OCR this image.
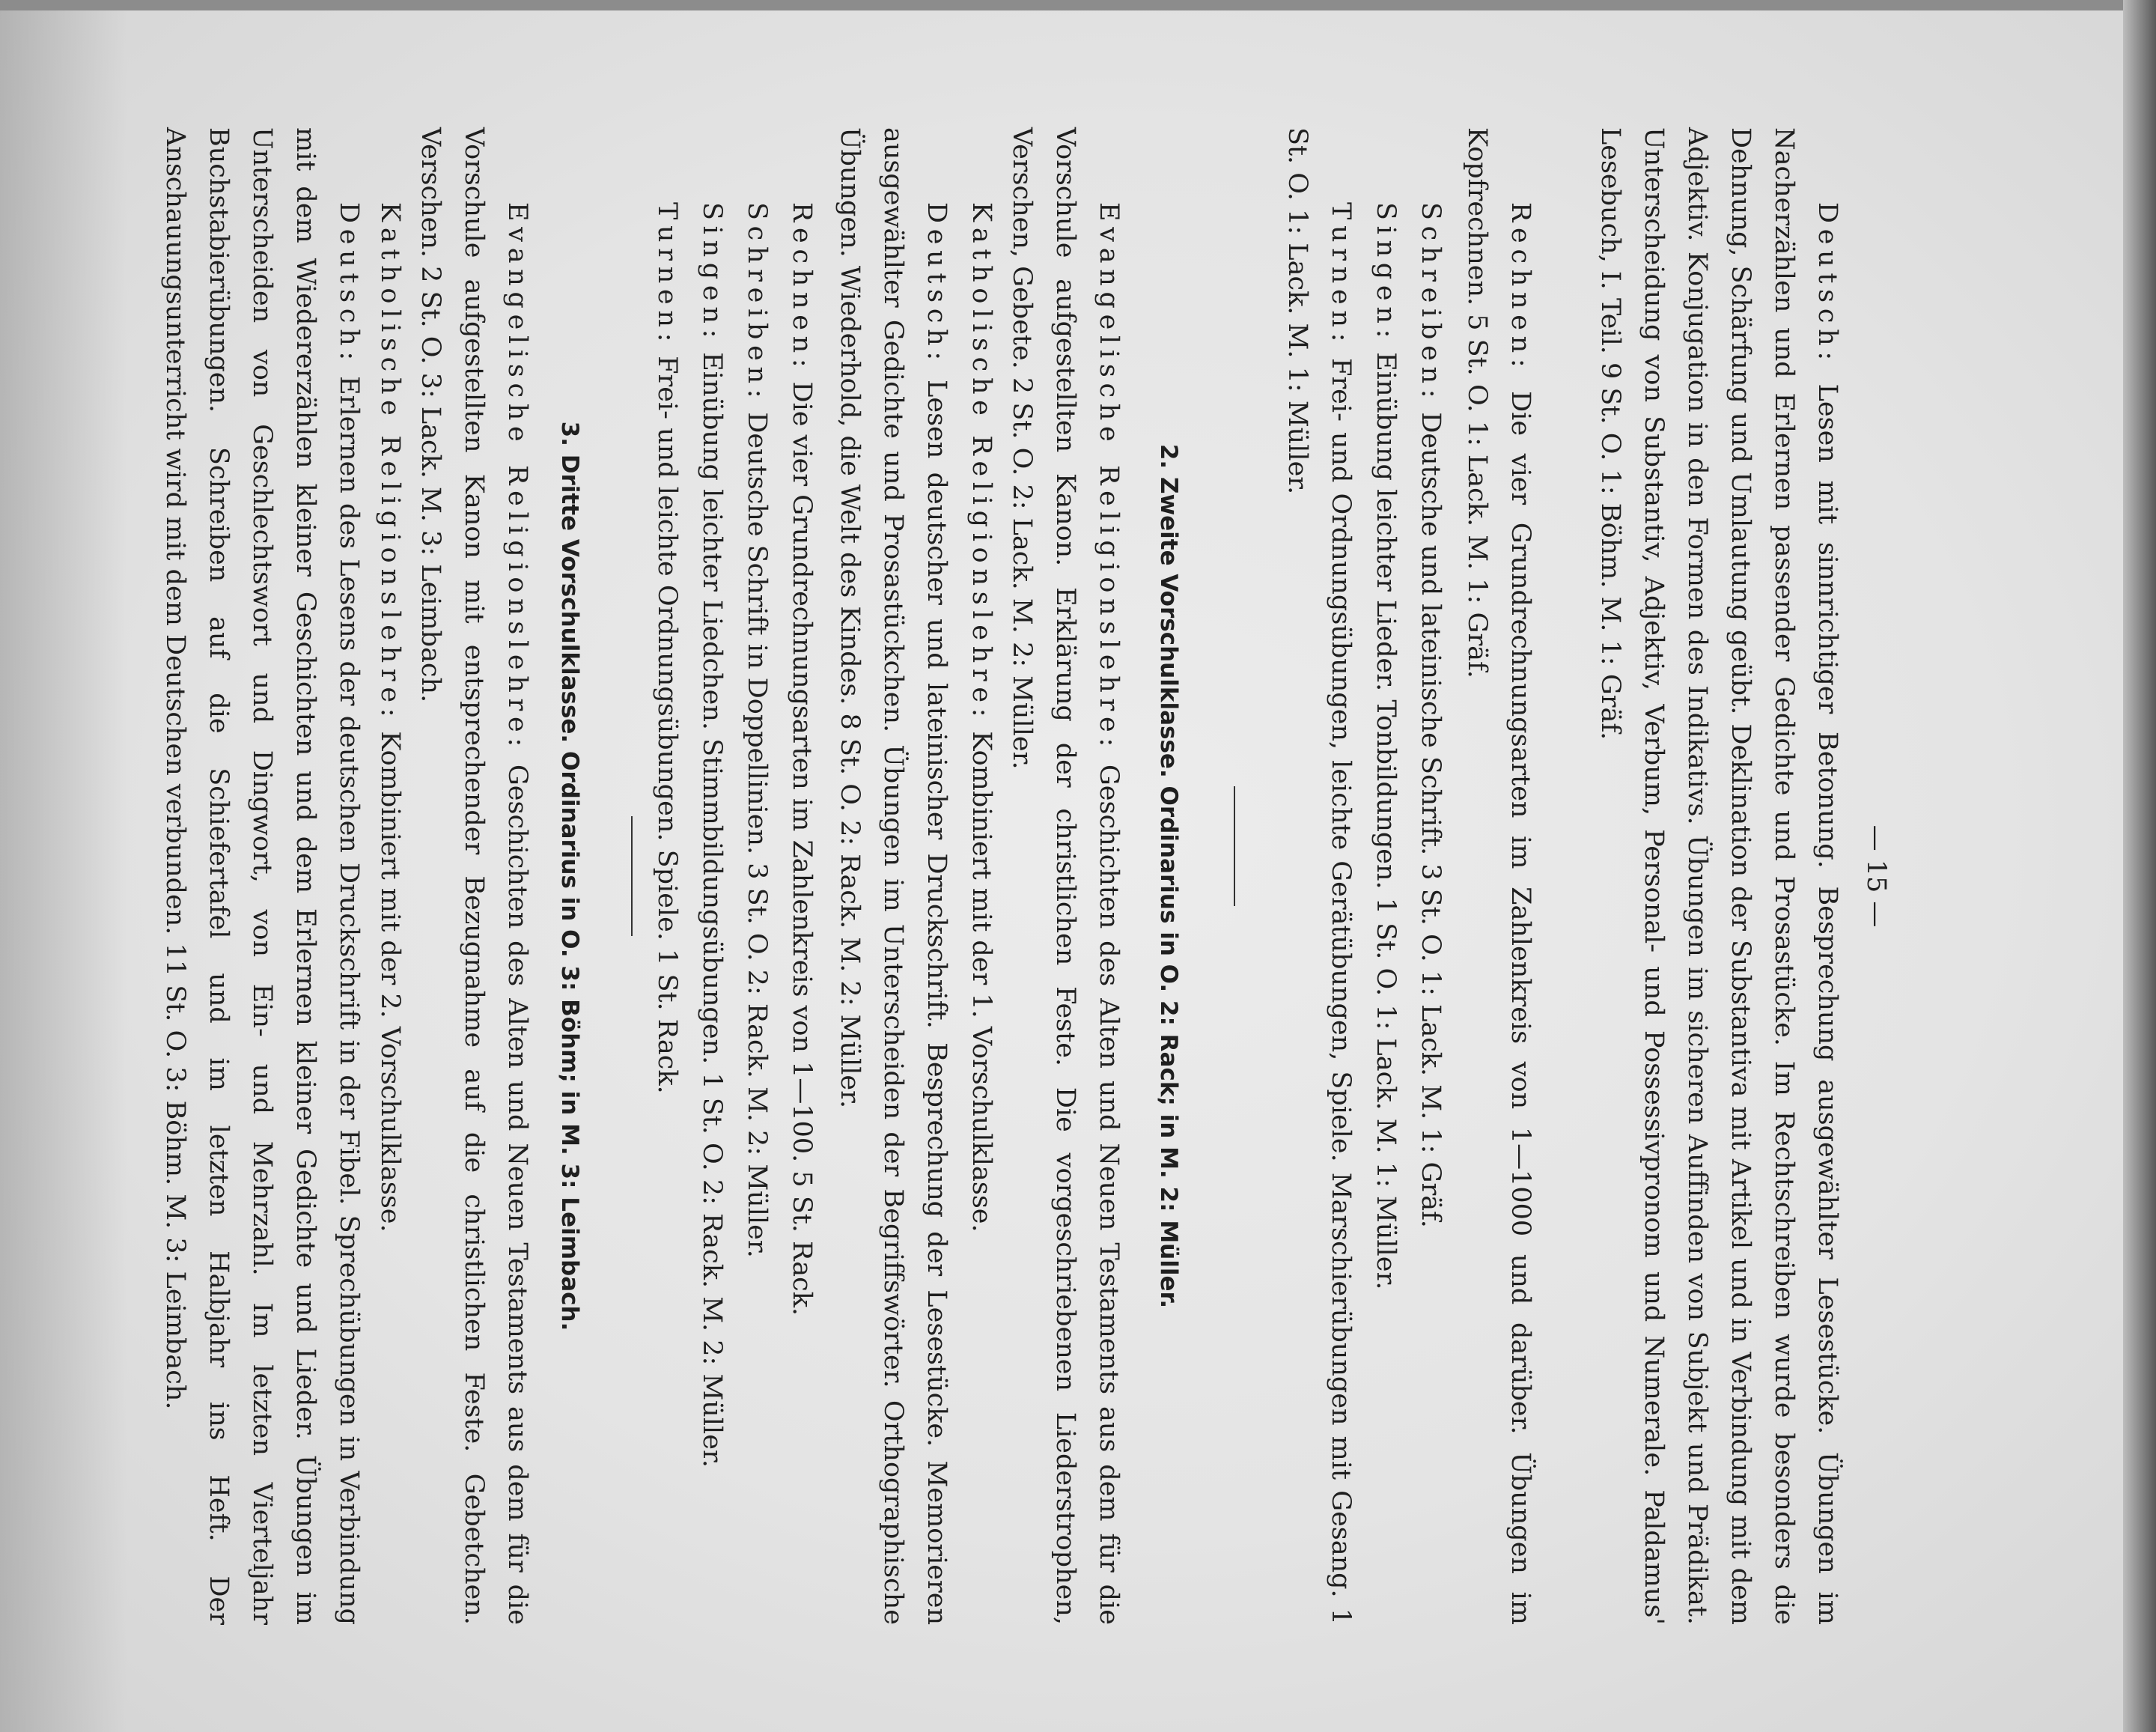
— 15 —

Deutsch: Lesen mit sinnrichtiger Betonung. Besprechung ausgewählter Lesestücke. Übungen im Nacherzählen und Erlernen passender Gedichte und Prosastücke. Im Rechtschreiben wurde besonders die Dehnung, Schärfung und Umlautung geübt. Deklination der Substantiva mit Artikel und in Verbindung mit dem Adjektiv. Konjugation in den Formen des Indikativs. Übungen im sicheren Auffinden von Subjekt und Prädikat. Unterscheidung von Substantiv, Adjektiv, Verbum, Personal- und Possessivpronom und Numerale. Paldamus' Lesebuch, I. Teil. 9 St. O. 1: Böhm. M. 1: Gräf.

Rechnen: Die vier Grundrechnungsarten im Zahlenkreis von 1—1000 und darüber. Übungen im Kopfrechnen. 5 St. O. 1: Lack. M. 1: Gräf.

Schreiben: Deutsche und lateinische Schrift. 3 St. O. 1: Lack. M. 1: Gräf.

Singen: Einübung leichter Lieder. Tonbildungen. 1 St. O. 1: Lack. M. 1: Müller.

Turnen: Frei- und Ordnungsübungen, leichte Gerätübungen, Spiele. Marschierübungen mit Gesang. 1 St. O. 1: Lack. M. 1: Müller.

2. Zweite Vorschulklasse. Ordinarius in O. 2: Rack; in M. 2: Müller.

Evangelische Religionslehre: Geschichten des Alten und Neuen Testaments aus dem für die Vorschule aufgestellten Kanon. Erklärung der christlichen Feste. Die vorgeschriebenen Liederstrophen, Verschen, Gebete. 2 St. O. 2: Lack. M. 2: Müller.

Katholische Religionslehre: Kombiniert mit der 1. Vorschulklasse.

Deutsch: Lesen deutscher und lateinischer Druckschrift. Besprechung der Lesestücke. Memorieren ausgewählter Gedichte und Prosastückchen. Übungen im Unterscheiden der Begriffswörter. Orthographische Übungen. Wiederhold, die Welt des Kindes. 8 St. O. 2: Rack. M. 2: Müller.

Rechnen: Die vier Grundrechnungsarten im Zahlenkreis von 1—100. 5 St. Rack.

Schreiben: Deutsche Schrift in Doppellinien. 3 St. O. 2: Rack. M. 2: Müller.

Singen: Einübung leichter Liedchen. Stimmbildungsübungen. 1 St. O. 2: Rack. M. 2: Müller.

Turnen: Frei- und leichte Ordnungsübungen. Spiele. 1 St. Rack.

3. Dritte Vorschulklasse. Ordinarius in O. 3: Böhm; in M. 3: Leimbach.

Evangelische Religionslehre: Geschichten des Alten und Neuen Testaments aus dem für die Vorschule aufgestellten Kanon mit entsprechender Bezugnahme auf die christlichen Feste. Gebetchen. Verschen. 2 St. O. 3: Lack. M. 3: Leimbach.

Katholische Religionslehre: Kombiniert mit der 2. Vorschulklasse.

Deutsch: Erlernen des Lesens der deutschen Druckschrift in der Fibel. Sprechübungen in Verbindung mit dem Wiedererzählen kleiner Geschichten und dem Erlernen kleiner Gedichte und Lieder. Übungen im Unterscheiden von Geschlechtswort und Dingwort, von Ein- und Mehrzahl. Im letzten Vierteljahr Buchstabierübungen. Schreiben auf die Schiefertafel und im letzten Halbjahr ins Heft. Der Anschauungsunterricht wird mit dem Deutschen verbunden. 11 St. O. 3: Böhm. M. 3: Leimbach.
